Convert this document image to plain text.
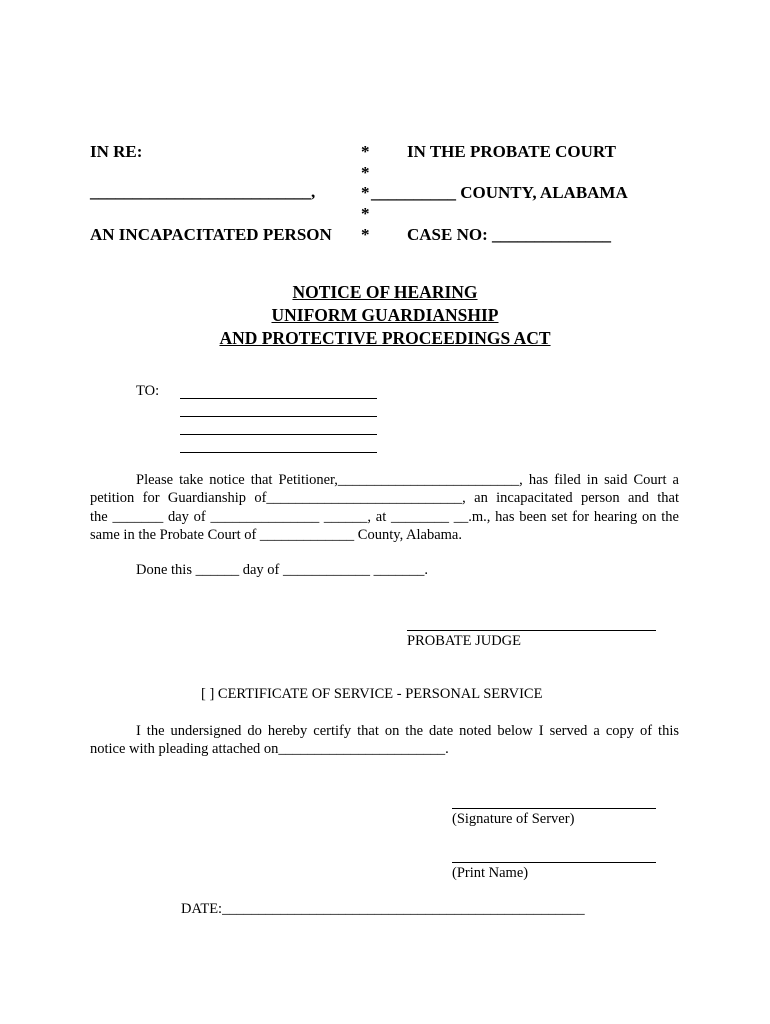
IN RE:
__________________________,
AN INCAPACITATED PERSON
*
*
*
*
*
IN THE PROBATE COURT
__________ COUNTY, ALABAMA
CASE NO: ______________
NOTICE OF HEARING
UNIFORM GUARDIANSHIP
AND PROTECTIVE PROCEEDINGS ACT
TO:
Please take notice that Petitioner,_________________________, has filed in said Court a
petition for Guardianship of___________________________, an incapacitated person and that
the _______ day of _______________ ______, at ________ __.m., has been set for hearing on the
same in the Probate Court of _____________ County, Alabama.
Done this ______ day of ____________ _______.
PROBATE JUDGE
[ ] CERTIFICATE OF SERVICE - PERSONAL SERVICE
I the undersigned do hereby certify that on the date noted below I served a copy of this
notice with pleading attached on_______________________.
(Signature of Server)
(Print Name)
DATE:__________________________________________________
